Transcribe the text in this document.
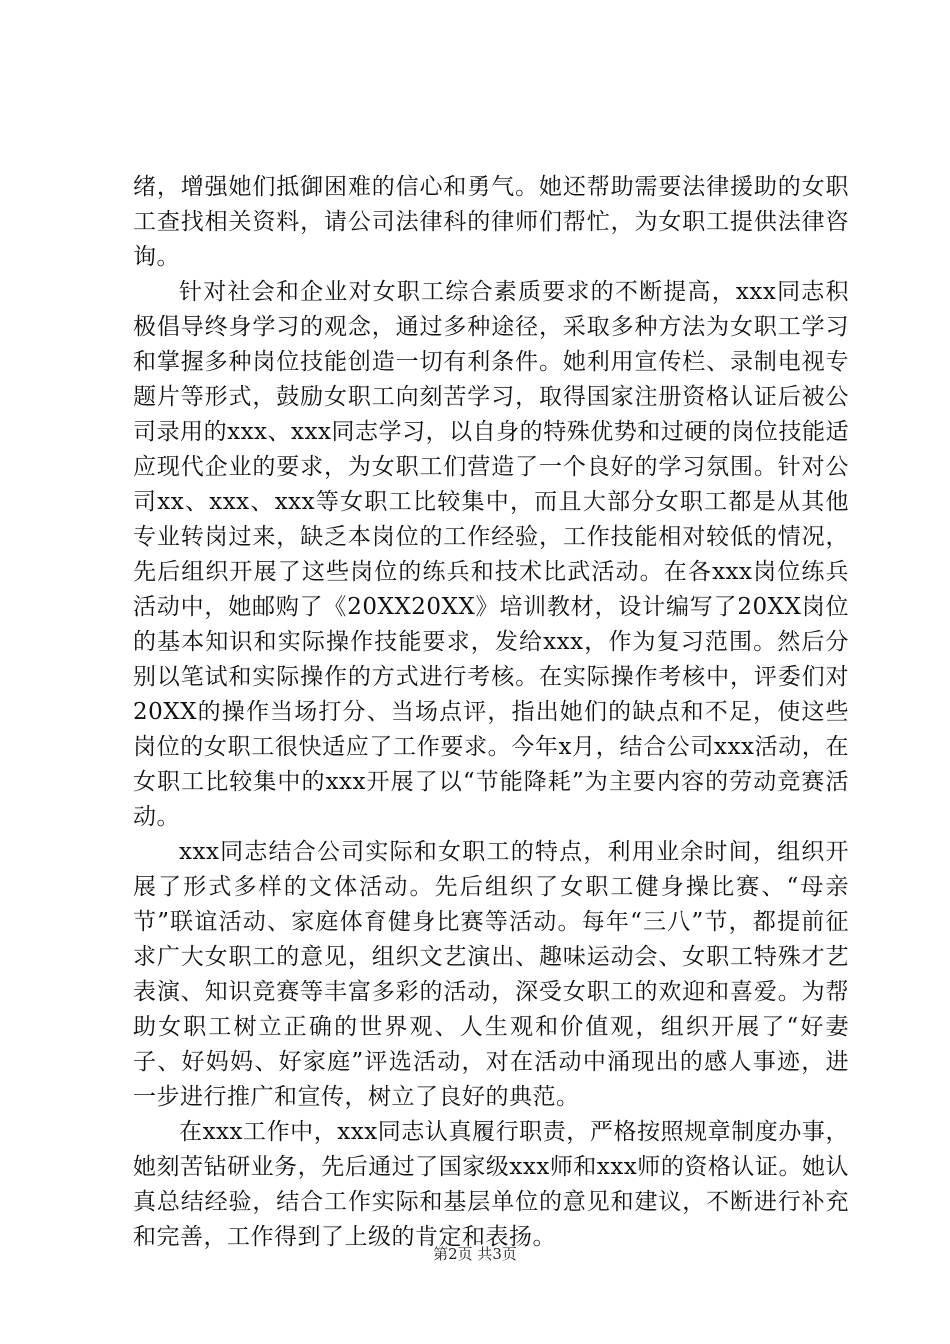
绪，增强她们抵御困难的信心和勇气。她还帮助需要法律援助的女职工查找相关资料，请公司法律科的律师们帮忙，为女职工提供法律咨询。

针对社会和企业对女职工综合素质要求的不断提高，xxx同志积极倡导终身学习的观念，通过多种途径，采取多种方法为女职工学习和掌握多种岗位技能创造一切有利条件。她利用宣传栏、录制电视专题片等形式，鼓励女职工向刻苦学习，取得国家注册资格认证后被公司录用的xxx、xxx同志学习，以自身的特殊优势和过硬的岗位技能适应现代企业的要求，为女职工们营造了一个良好的学习氛围。针对公司xx、xxx、xxx等女职工比较集中，而且大部分女职工都是从其他专业转岗过来，缺乏本岗位的工作经验，工作技能相对较低的情况，先后组织开展了这些岗位的练兵和技术比武活动。在各xxx岗位练兵活动中，她邮购了《20XX20XX》培训教材，设计编写了20XX岗位的基本知识和实际操作技能要求，发给xxx，作为复习范围。然后分别以笔试和实际操作的方式进行考核。在实际操作考核中，评委们对20XX的操作当场打分、当场点评，指出她们的缺点和不足，使这些岗位的女职工很快适应了工作要求。今年x月，结合公司xxx活动，在女职工比较集中的xxx开展了以“节能降耗”为主要内容的劳动竞赛活动。

xxx同志结合公司实际和女职工的特点，利用业余时间，组织开展了形式多样的文体活动。先后组织了女职工健身操比赛、“母亲节”联谊活动、家庭体育健身比赛等活动。每年“三八”节，都提前征求广大女职工的意见，组织文艺演出、趣味运动会、女职工特殊才艺表演、知识竞赛等丰富多彩的活动，深受女职工的欢迎和喜爱。为帮助女职工树立正确的世界观、人生观和价值观，组织开展了“好妻子、好妈妈、好家庭”评选活动，对在活动中涌现出的感人事迹，进一步进行推广和宣传，树立了良好的典范。

在xxx工作中，xxx同志认真履行职责，严格按照规章制度办事，她刻苦钻研业务，先后通过了国家级xxx师和xxx师的资格认证。她认真总结经验，结合工作实际和基层单位的意见和建议，不断进行补充和完善，工作得到了上级的肯定和表扬。

第2页 共3页
